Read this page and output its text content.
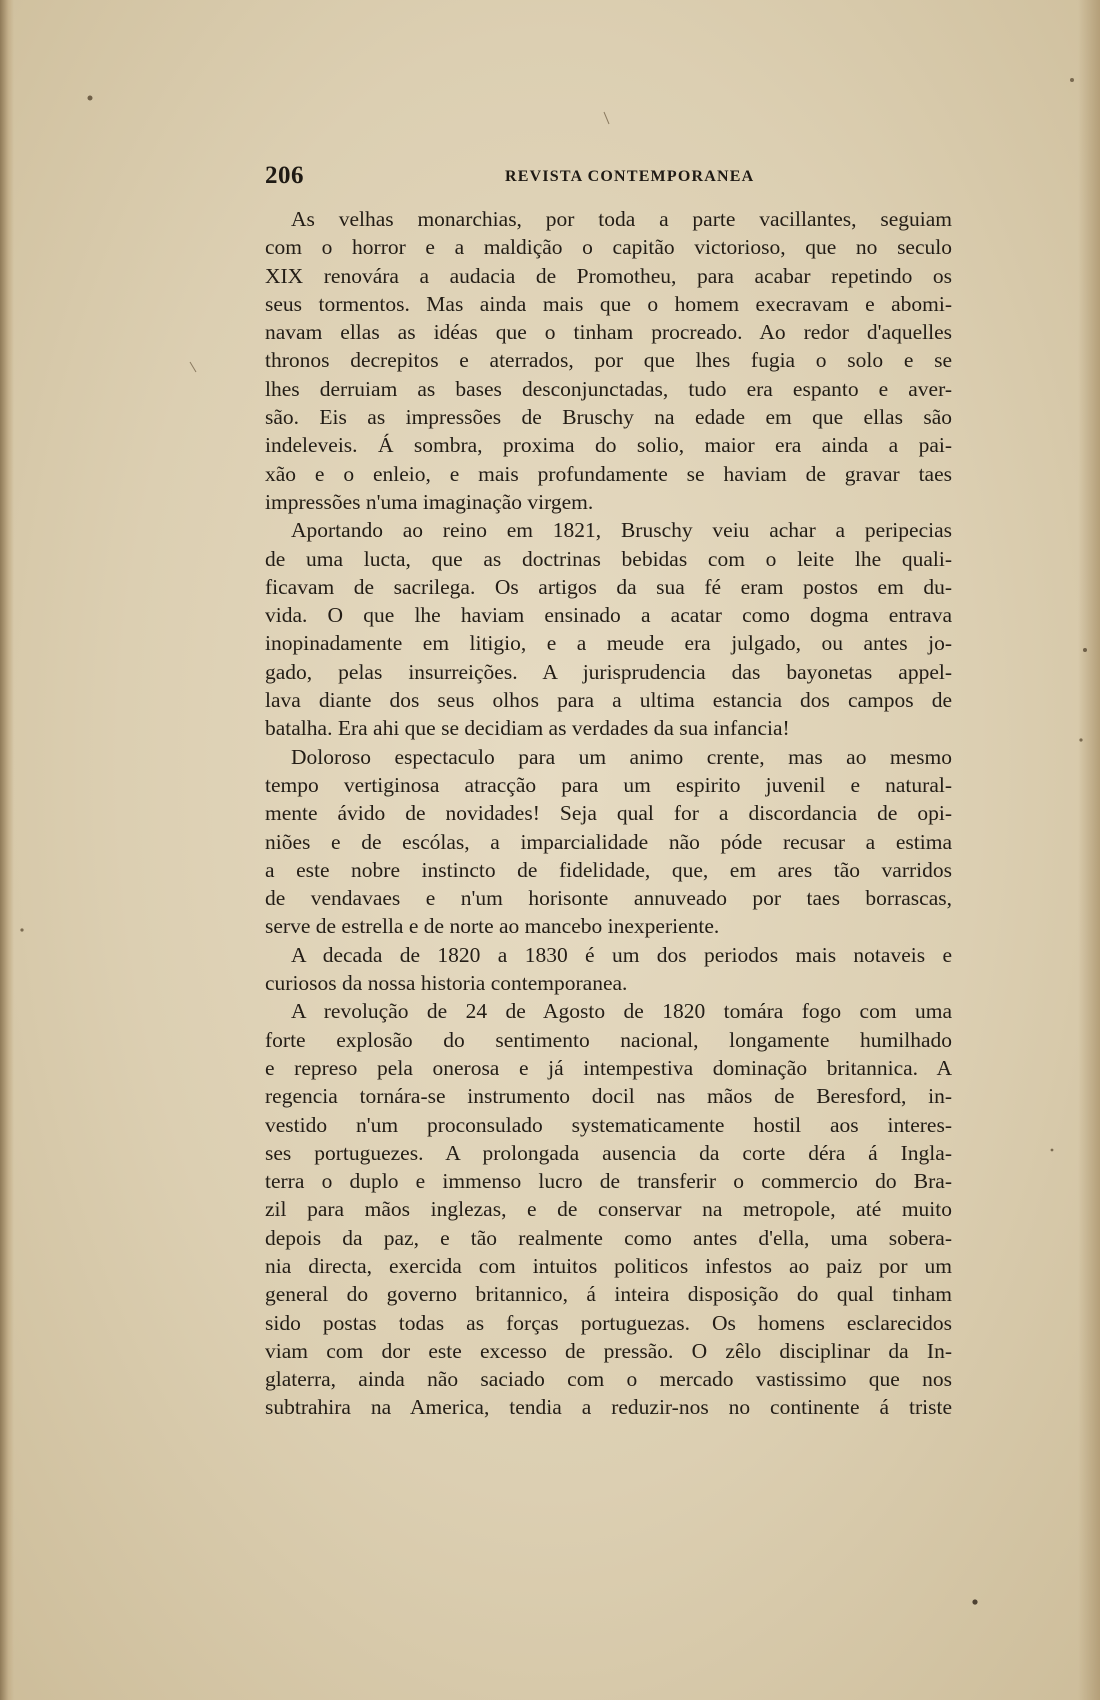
206	REVISTA CONTEMPORANEA
As velhas monarchias, por toda a parte vacillantes, seguiam
com o horror e a maldição o capitão victorioso, que no seculo
XIX renovára a audacia de Promotheu, para acabar repetindo os
seus tormentos. Mas ainda mais que o homem execravam e abomi-
navam ellas as idéas que o tinham procreado. Ao redor d'aquelles
thronos decrepitos e aterrados, por que lhes fugia o solo e se
lhes derruiam as bases desconjunctadas, tudo era espanto e aver-
são. Eis as impressões de Bruschy na edade em que ellas são
indeleveis. Á sombra, proxima do solio, maior era ainda a pai-
xão e o enleio, e mais profundamente se haviam de gravar taes
impressões n'uma imaginação virgem.
Aportando ao reino em 1821, Bruschy veiu achar a peripecias
de uma lucta, que as doctrinas bebidas com o leite lhe quali-
ficavam de sacrilega. Os artigos da sua fé eram postos em du-
vida. O que lhe haviam ensinado a acatar como dogma entrava
inopinadamente em litigio, e a meude era julgado, ou antes jo-
gado, pelas insurreições. A jurisprudencia das bayonetas appel-
lava diante dos seus olhos para a ultima estancia dos campos de
batalha. Era ahi que se decidiam as verdades da sua infancia!
Doloroso espectaculo para um animo crente, mas ao mesmo
tempo vertiginosa atracção para um espirito juvenil e natural-
mente ávido de novidades! Seja qual for a discordancia de opi-
niões e de escólas, a imparcialidade não póde recusar a estima
a este nobre instincto de fidelidade, que, em ares tão varridos
de vendavaes e n'um horisonte annuveado por taes borrascas,
serve de estrella e de norte ao mancebo inexperiente.
A decada de 1820 a 1830 é um dos periodos mais notaveis e
curiosos da nossa historia contemporanea.
A revolução de 24 de Agosto de 1820 tomára fogo com uma
forte explosão do sentimento nacional, longamente humilhado
e represo pela onerosa e já intempestiva dominação britannica. A
regencia tornára-se instrumento docil nas mãos de Beresford, in-
vestido n'um proconsulado systematicamente hostil aos interes-
ses portuguezes. A prolongada ausencia da corte déra á Ingla-
terra o duplo e immenso lucro de transferir o commercio do Bra-
zil para mãos inglezas, e de conservar na metropole, até muito
depois da paz, e tão realmente como antes d'ella, uma sobera-
nia directa, exercida com intuitos politicos infestos ao paiz por um
general do governo britannico, á inteira disposição do qual tinham
sido postas todas as forças portuguezas. Os homens esclarecidos
viam com dor este excesso de pressão. O zêlo disciplinar da In-
glaterra, ainda não saciado com o mercado vastissimo que nos
subtrahira na America, tendia a reduzir-nos no continente á triste
